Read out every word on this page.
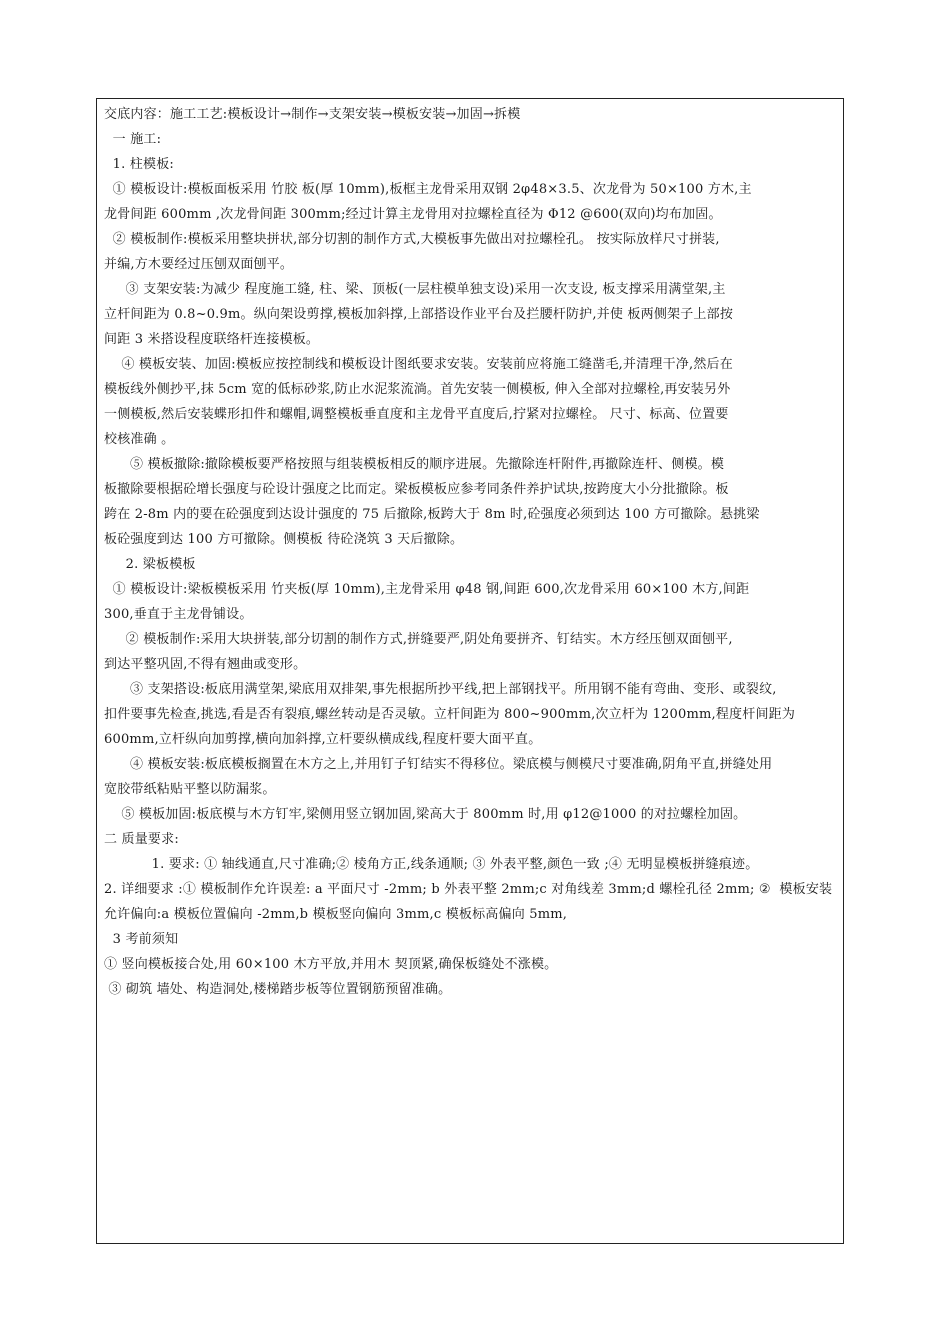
交底内容：施工工艺:模板设计→制作→支架安装→模板安装→加固→拆模
一 施工:
1. 柱模板:
① 模板设计:模板面板采用 竹胶 板(厚 10mm),板框主龙骨采用双钢 2φ48×3.5、次龙骨为 50×100 方木,主
龙骨间距 600mm ,次龙骨间距 300mm;经过计算主龙骨用对拉螺栓直径为 Φ12 @600(双向)均布加固。
② 模板制作:模板采用整块拼状,部分切割的制作方式,大模板事先做出对拉螺栓孔。 按实际放样尺寸拼装,
并编,方木要经过压刨双面刨平。
③ 支架安装:为减少 程度施工缝, 柱、梁、顶板(一层柱模单独支设)采用一次支设, 板支撑采用满堂架,主
立杆间距为 0.8~0.9m。纵向架设剪撑,模板加斜撑,上部搭设作业平台及拦腰杆防护,并使 板两侧架子上部按
间距 3 米搭设程度联络杆连接模板。
④ 模板安装、加固:模板应按控制线和模板设计图纸要求安装。安装前应将施工缝凿毛,并清理干净,然后在
模板线外侧抄平,抹 5cm 宽的低标砂浆,防止水泥浆流淌。首先安装一侧模板, 伸入全部对拉螺栓,再安装另外
一侧模板,然后安装蝶形扣件和螺帽,调整模板垂直度和主龙骨平直度后,拧紧对拉螺栓。 尺寸、标高、位置要
校核准确 。
⑤ 模板撤除:撤除模板要严格按照与组装模板相反的顺序进展。先撤除连杆附件,再撤除连杆、侧模。模
板撤除要根据砼增长强度与砼设计强度之比而定。梁板模板应参考同条件养护试块,按跨度大小分批撤除。板
跨在 2-8m 内的要在砼强度到达设计强度的 75 后撤除,板跨大于 8m 时,砼强度必须到达 100 方可撤除。悬挑梁
板砼强度到达 100 方可撤除。侧模板 待砼浇筑 3 天后撤除。
2. 梁板模板
① 模板设计:梁板模板采用 竹夹板(厚 10mm),主龙骨采用 φ48 钢,间距 600,次龙骨采用 60×100 木方,间距
300,垂直于主龙骨铺设。
② 模板制作:采用大块拼装,部分切割的制作方式,拼缝要严,阴处角要拼齐、钉结实。木方经压刨双面刨平,
到达平整巩固,不得有翘曲或变形。
③ 支架搭设:板底用满堂架,梁底用双排架,事先根据所抄平线,把上部钢找平。所用钢不能有弯曲、变形、或裂纹,
扣件要事先检查,挑选,看是否有裂痕,螺丝转动是否灵敏。立杆间距为 800~900mm,次立杆为 1200mm,程度杆间距为
600mm,立杆纵向加剪撑,横向加斜撑,立杆要纵横成线,程度杆要大面平直。
④ 模板安装:板底模板搁置在木方之上,并用钉子钉结实不得移位。梁底模与侧模尺寸要准确,阴角平直,拼缝处用
宽胶带纸粘贴平整以防漏浆。
⑤ 模板加固:板底模与木方钉牢,梁侧用竖立钢加固,梁高大于 800mm 时,用 φ12@1000 的对拉螺栓加固。
二 质量要求:
1. 要求: ① 轴线通直,尺寸准确;② 棱角方正,线条通顺; ③ 外表平整,颜色一致 ;④ 无明显模板拼缝痕迹。
2. 详细要求 :① 模板制作允许误差: a 平面尺寸 -2mm; b 外表平整 2mm;c 对角线差 3mm;d 螺栓孔径 2mm; ②  模板安装
允许偏向:a 模板位置偏向 -2mm,b 模板竖向偏向 3mm,c 模板标高偏向 5mm,
3 考前须知
① 竖向模板接合处,用 60×100 木方平放,并用木 契顶紧,确保板缝处不涨模。
③ 砌筑 墙处、构造洞处,楼梯踏步板等位置钢筋预留准确。
